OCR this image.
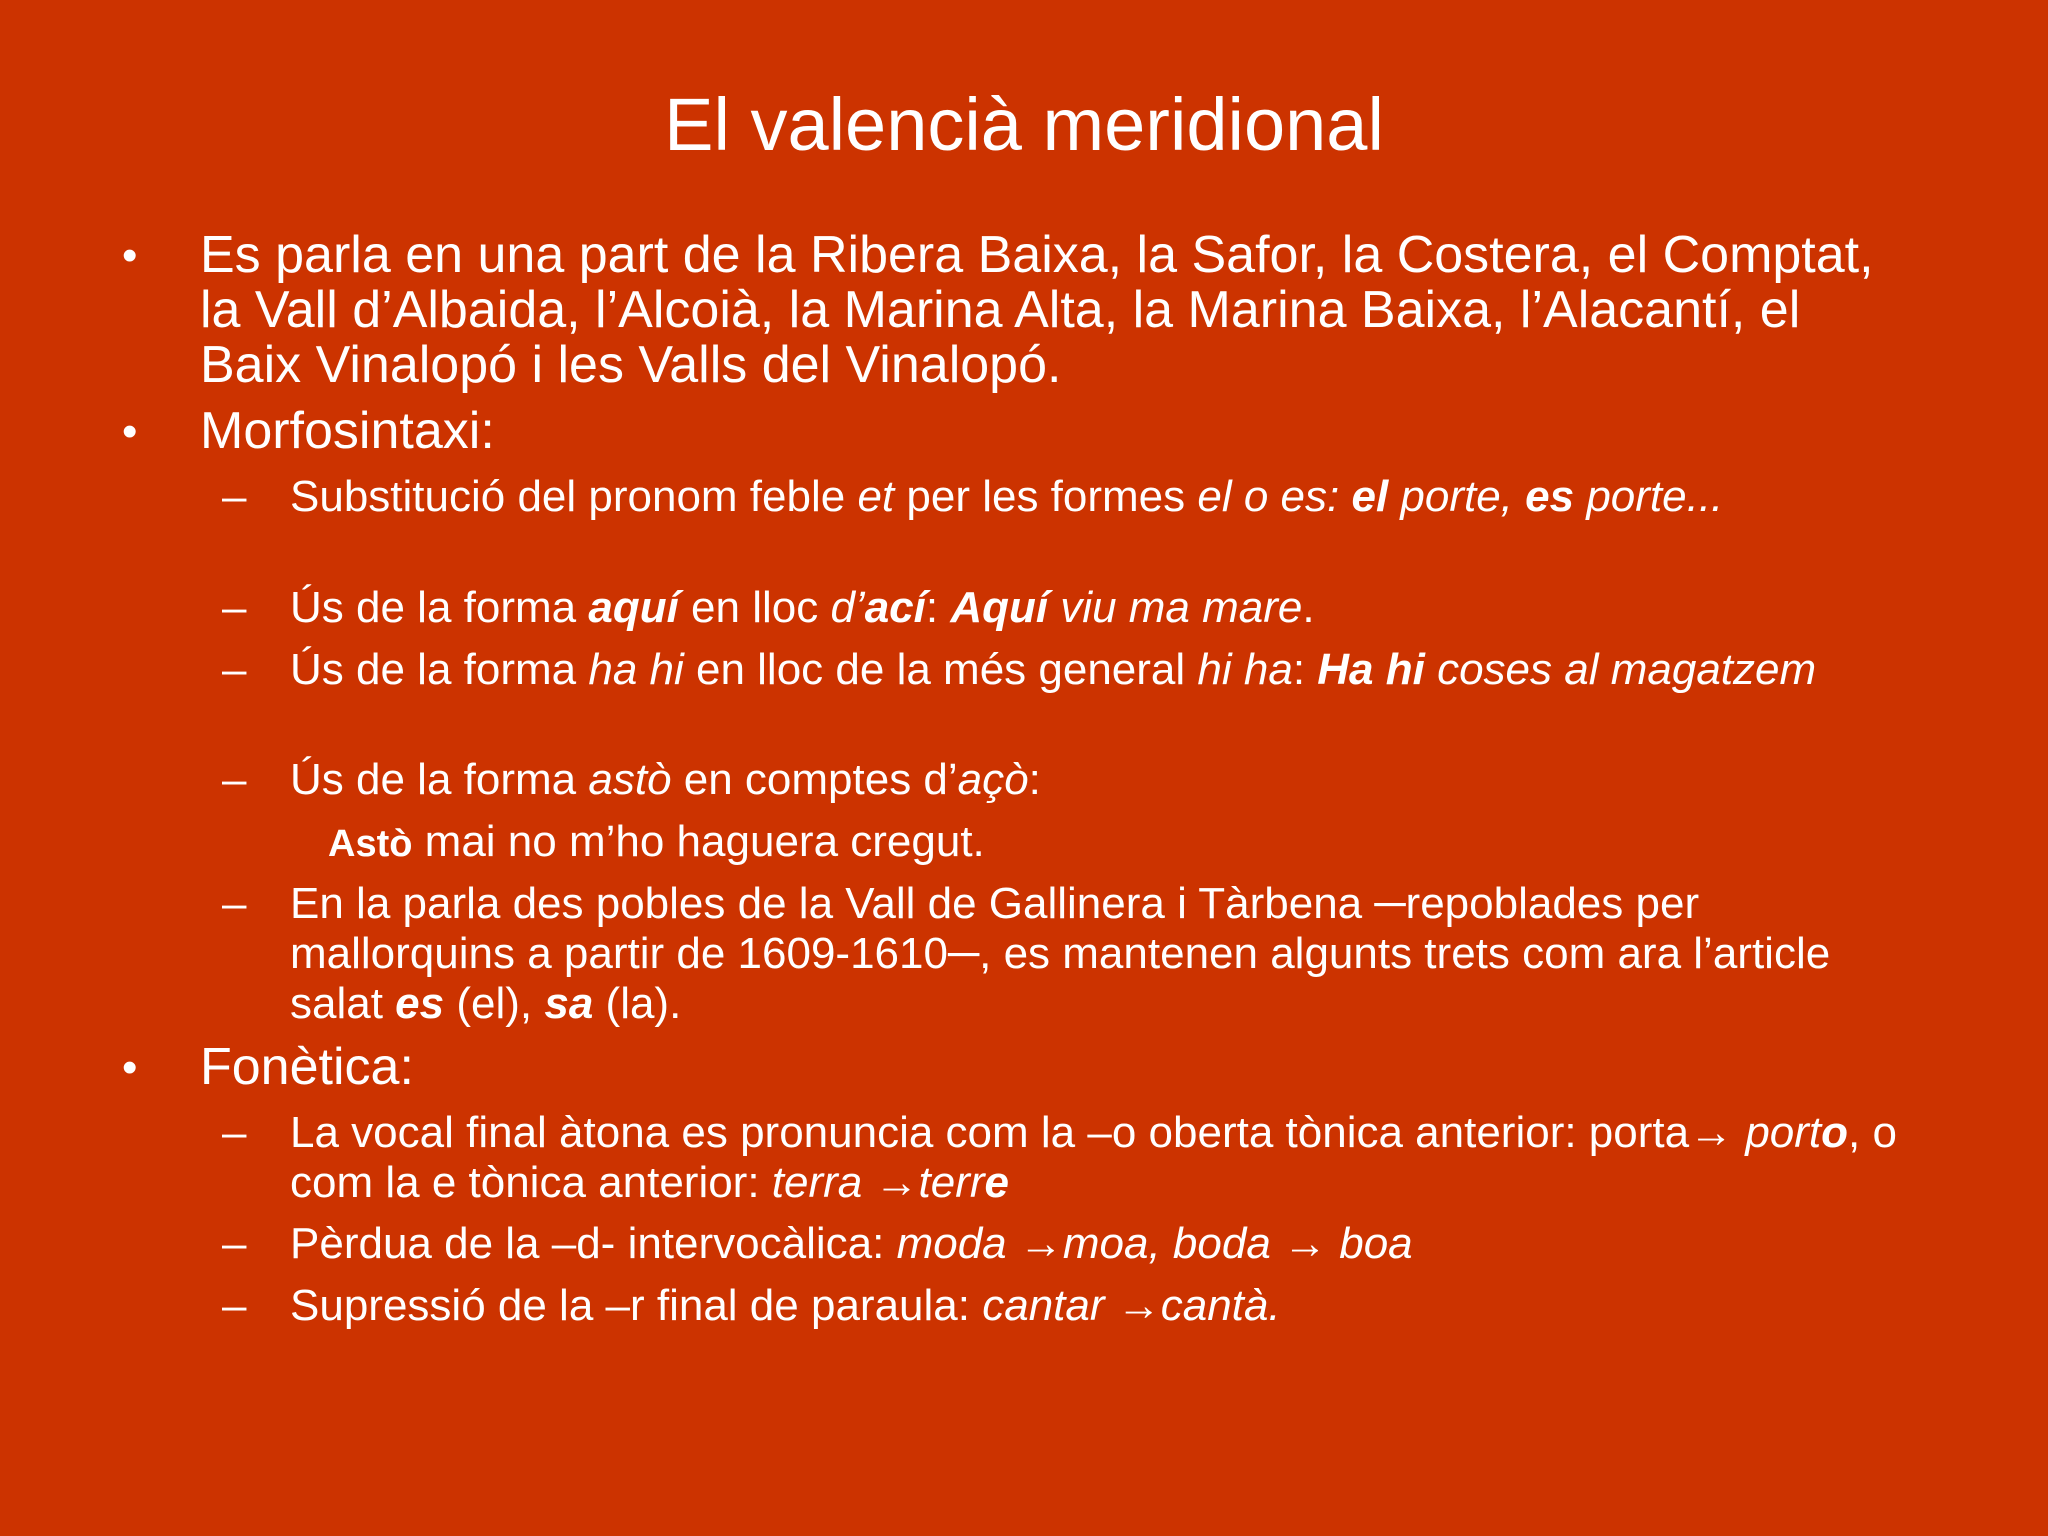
El valencià meridional
• Es parla en una part de la Ribera Baixa, la Safor, la Costera, el Comptat, la Vall d’Albaida, l’Alcoià, la Marina Alta, la Marina Baixa, l’Alacantí, el Baix Vinalopó i les Valls del Vinalopó.
• Morfosintaxi:
– Substitució del pronom feble et per les formes el o es: el porte, es porte...
– Ús de la forma aquí en lloc d’ací: Aquí viu ma mare.
– Ús de la forma ha hi en lloc de la més general hi ha: Ha hi coses al magatzem
– Ús de la forma astò en comptes d’açò:
Astò mai no m’ho haguera cregut.
– En la parla des pobles de la Vall de Gallinera i Tàrbena ─repoblades per mallorquins a partir de 1609-1610─, es mantenen algunts trets com ara l’article salat es (el), sa (la).
• Fonètica:
– La vocal final àtona es pronuncia com la –o oberta tònica anterior: porta→ porto, o com la e tònica anterior: terra →terre
– Pèrdua de la –d- intervocàlica: moda →moa, boda → boa
– Supressió de la –r final de paraula: cantar →cantà.
